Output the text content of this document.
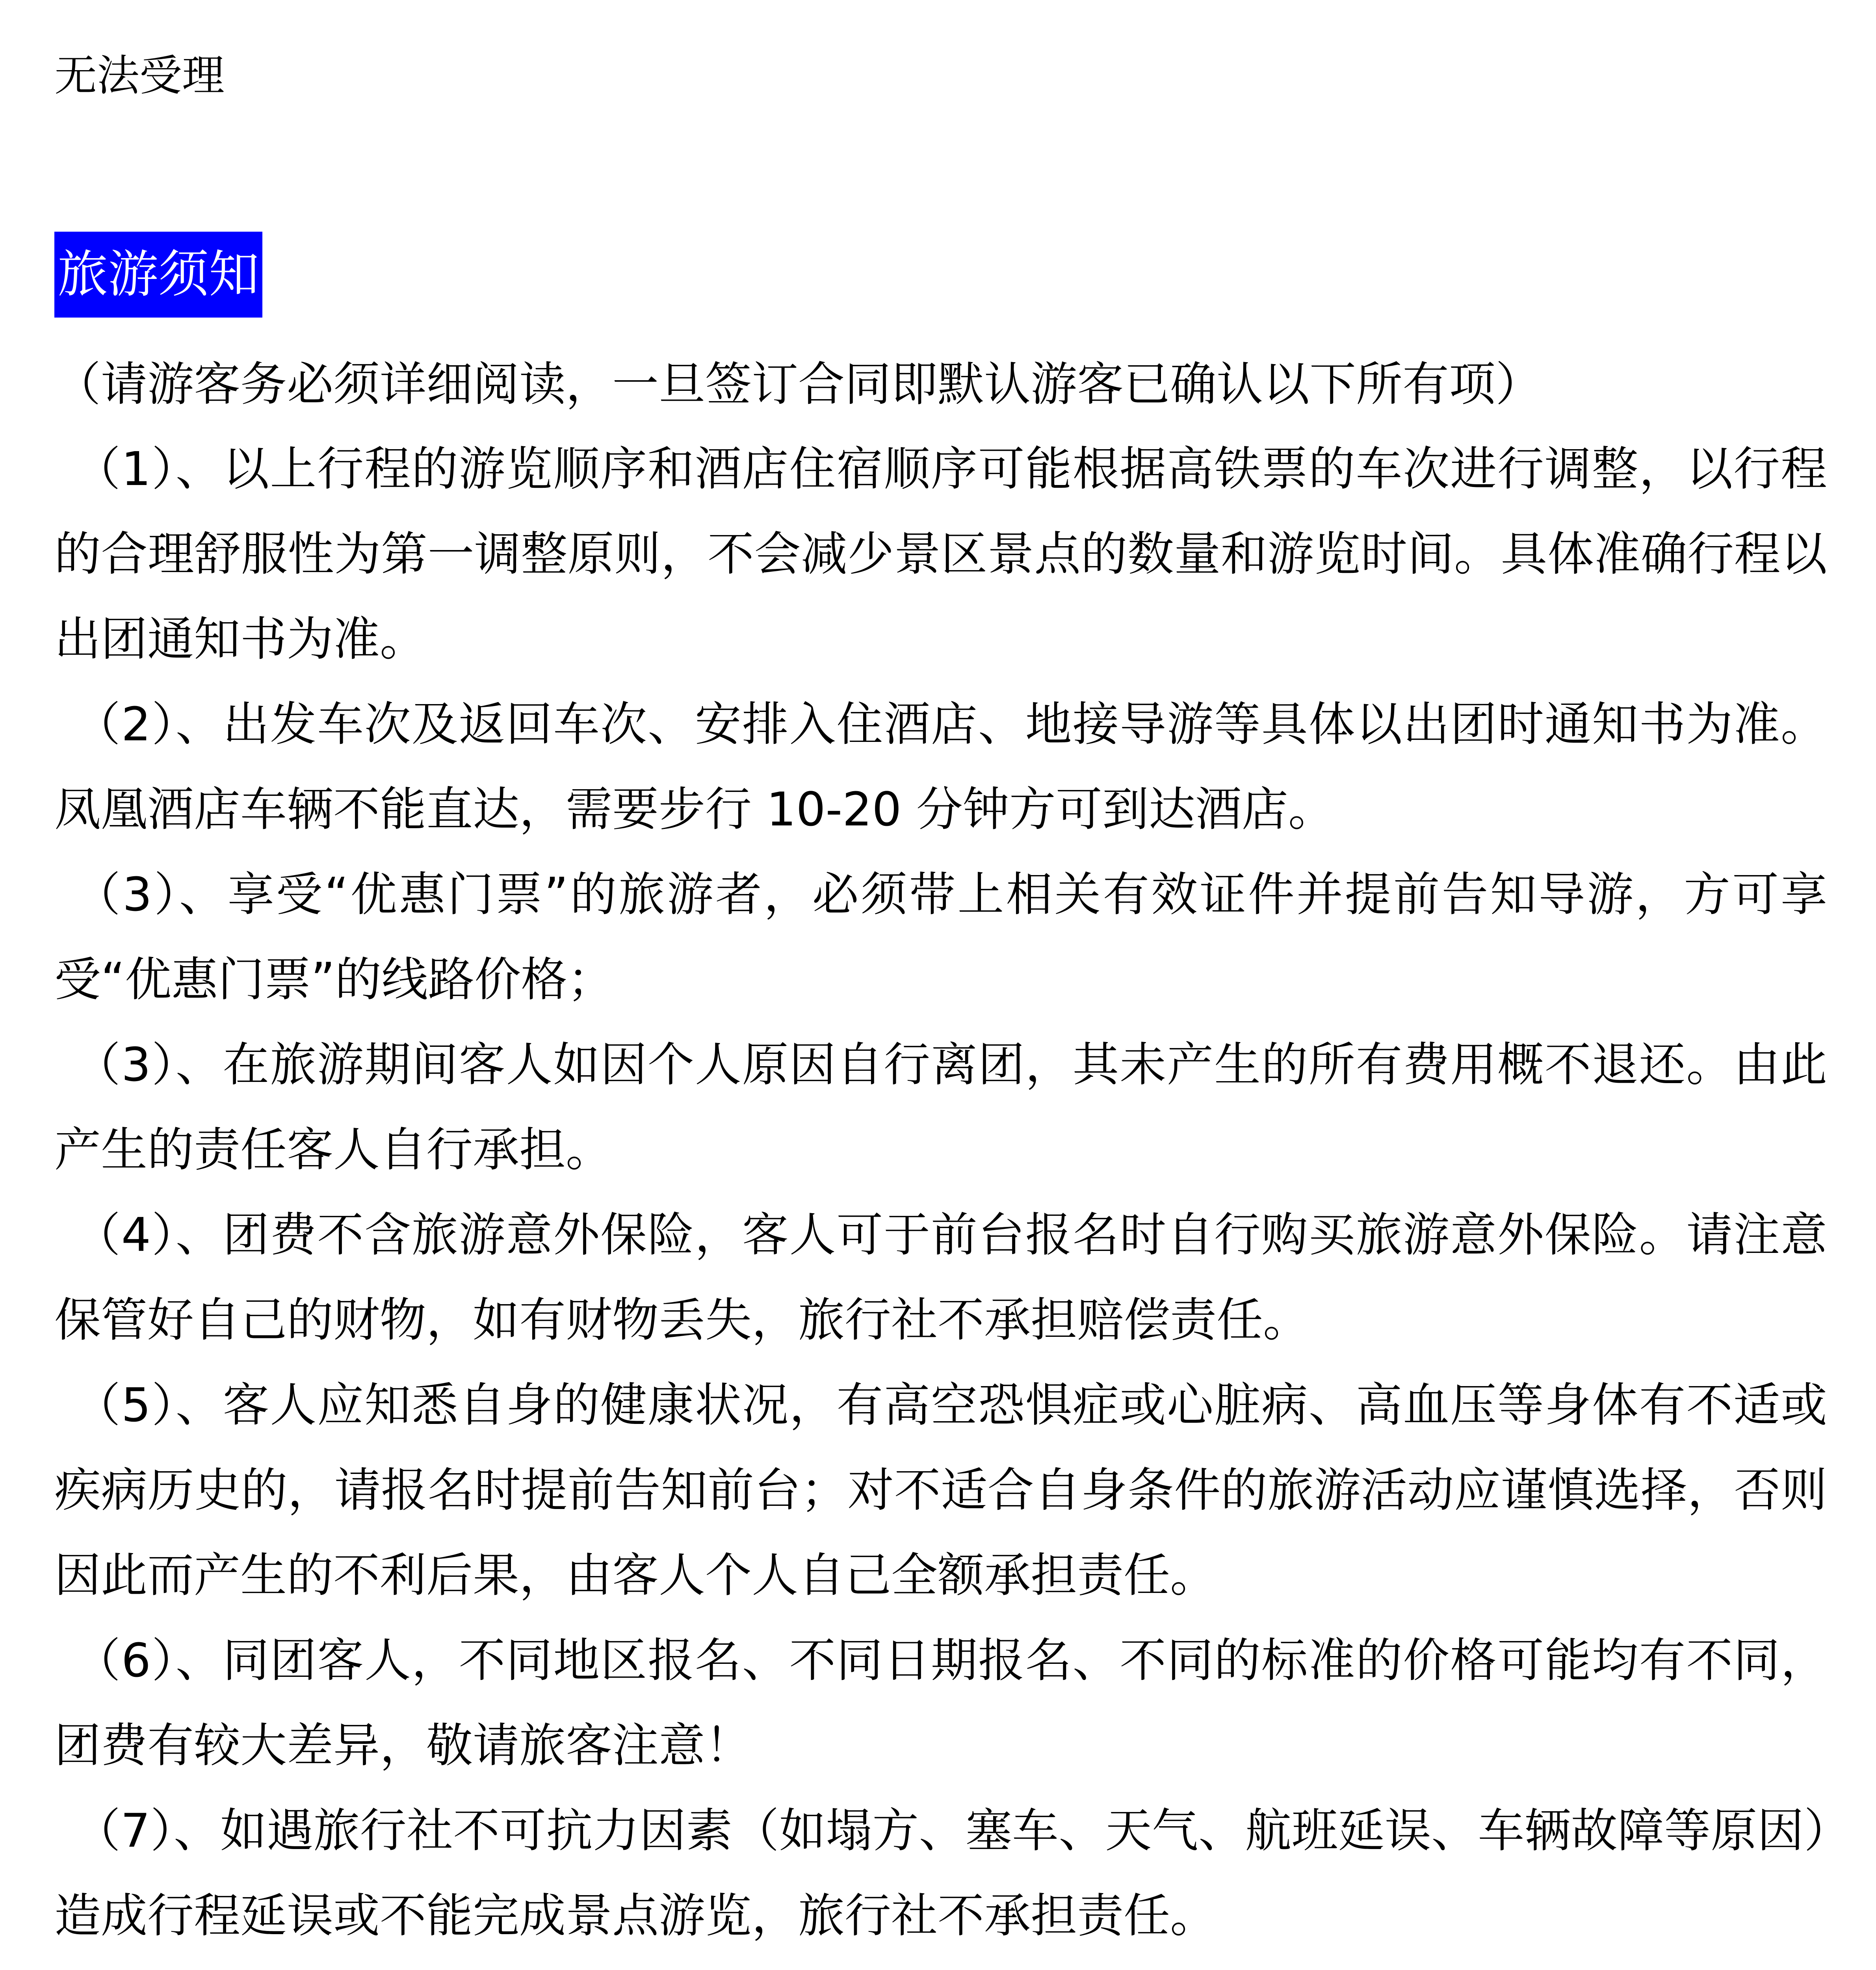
无法受理

旅游须知

（请游客务必须详细阅读，一旦签订合同即默认游客已确认以下所有项）

（1）、以上行程的游览顺序和酒店住宿顺序可能根据高铁票的车次进行调整，以行程的合理舒服性为第一调整原则，不会减少景区景点的数量和游览时间。具体准确行程以出团通知书为准。
（2）、出发车次及返回车次、安排入住酒店、地接导游等具体以出团时通知书为准。凤凰酒店车辆不能直达，需要步行 10-20 分钟方可到达酒店。
（3）、享受“优惠门票”的旅游者，必须带上相关有效证件并提前告知导游，方可享受“优惠门票”的线路价格；
（3）、在旅游期间客人如因个人原因自行离团，其未产生的所有费用概不退还。由此产生的责任客人自行承担。
（4）、团费不含旅游意外保险，客人可于前台报名时自行购买旅游意外保险。请注意保管好自己的财物，如有财物丢失，旅行社不承担赔偿责任。
（5）、客人应知悉自身的健康状况，有高空恐惧症或心脏病、高血压等身体有不适或疾病历史的，请报名时提前告知前台；对不适合自身条件的旅游活动应谨慎选择，否则因此而产生的不利后果，由客人个人自己全额承担责任。
（6）、同团客人，不同地区报名、不同日期报名、不同的标准的价格可能均有不同，团费有较大差异，敬请旅客注意！
（7）、如遇旅行社不可抗力因素（如塌方、塞车、天气、航班延误、车辆故障等原因）造成行程延误或不能完成景点游览，旅行社不承担责任。
